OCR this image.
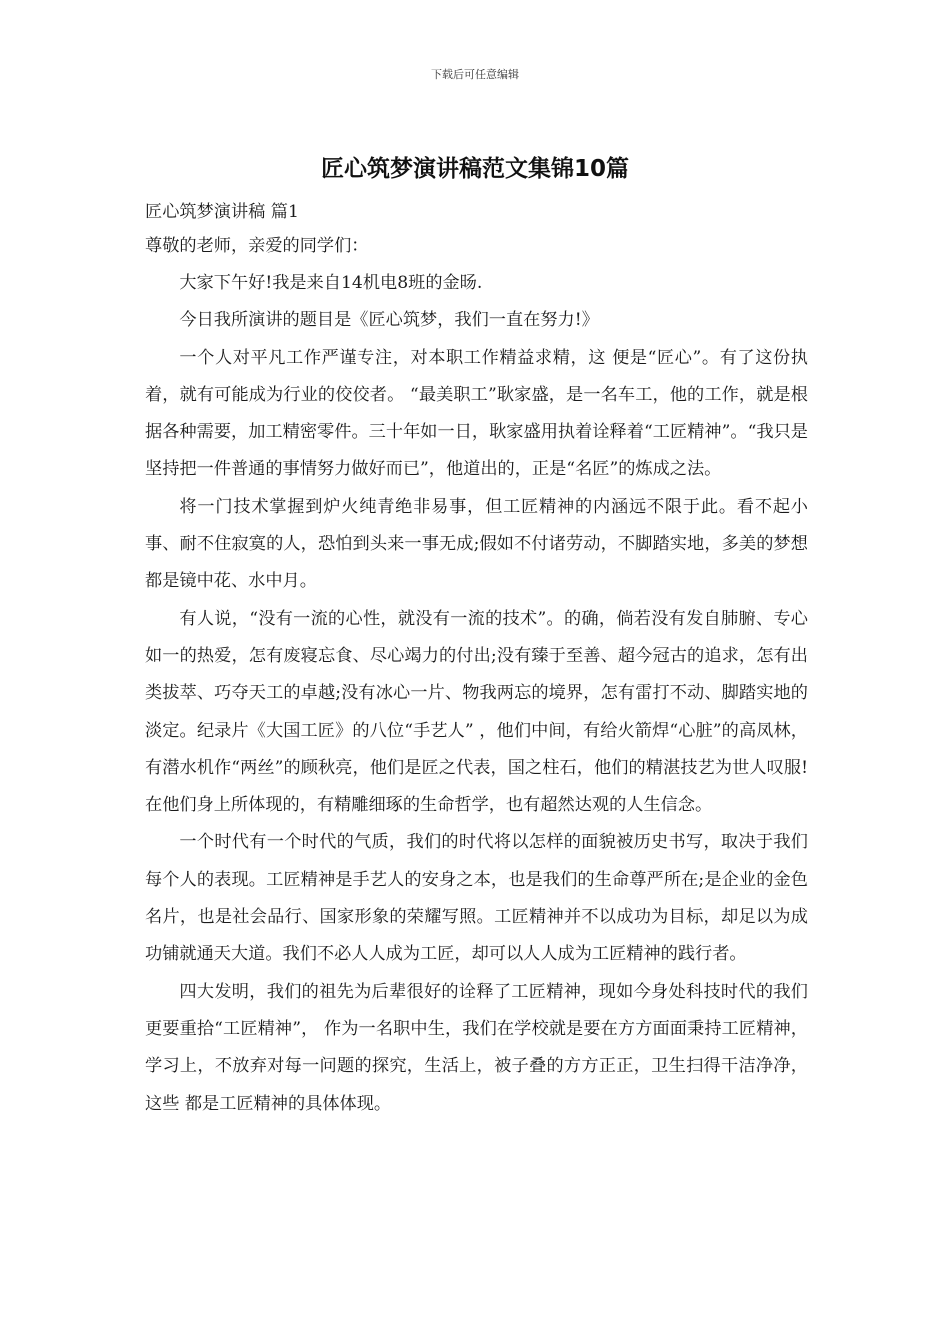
下载后可任意编辑
匠心筑梦演讲稿范文集锦10篇
匠心筑梦演讲稿 篇1
尊敬的老师，亲爱的同学们：

大家下午好!我是来自14机电8班的金旸.

今日我所演讲的题目是《匠心筑梦，我们一直在努力!》

一个人对平凡工作严谨专注，对本职工作精益求精，这 便是“匠心”。有了这份执着，就有可能成为行业的佼佼者。 “最美职工”耿家盛，是一名车工，他的工作，就是根据各种需要，加工精密零件。三十年如一日，耿家盛用执着诠释着“工匠精神”。“我只是坚持把一件普通的事情努力做好而已”，他道出的，正是“名匠”的炼成之法。

将一门技术掌握到炉火纯青绝非易事，但工匠精神的内涵远不限于此。看不起小事、耐不住寂寞的人，恐怕到头来一事无成;假如不付诸劳动，不脚踏实地，多美的梦想都是镜中花、水中月。

有人说，“没有一流的心性，就没有一流的技术”。的确，倘若没有发自肺腑、专心如一的热爱，怎有废寝忘食、尽心竭力的付出;没有臻于至善、超今冠古的追求，怎有出类拔萃、巧夺天工的卓越;没有冰心一片、物我两忘的境界，怎有雷打不动、脚踏实地的淡定。纪录片《大国工匠》的八位“手艺人” ，他们中间，有给火箭焊“心脏”的高凤林，有潜水机作“两丝”的顾秋亮，他们是匠之代表，国之柱石，他们的精湛技艺为世人叹服!在他们身上所体现的，有精雕细琢的生命哲学，也有超然达观的人生信念。

一个时代有一个时代的气质，我们的时代将以怎样的面貌被历史书写，取决于我们每个人的表现。工匠精神是手艺人的安身之本，也是我们的生命尊严所在;是企业的金色名片，也是社会品行、国家形象的荣耀写照。工匠精神并不以成功为目标，却足以为成功铺就通天大道。我们不必人人成为工匠，却可以人人成为工匠精神的践行者。

四大发明，我们的祖先为后辈很好的诠释了工匠精神，现如今身处科技时代的我们更要重拾“工匠精神”， 作为一名职中生，我们在学校就是要在方方面面秉持工匠精神，学习上，不放弃对每一问题的探究，生活上，被子叠的方方正正，卫生扫得干洁净净，这些 都是工匠精神的具体体现。
